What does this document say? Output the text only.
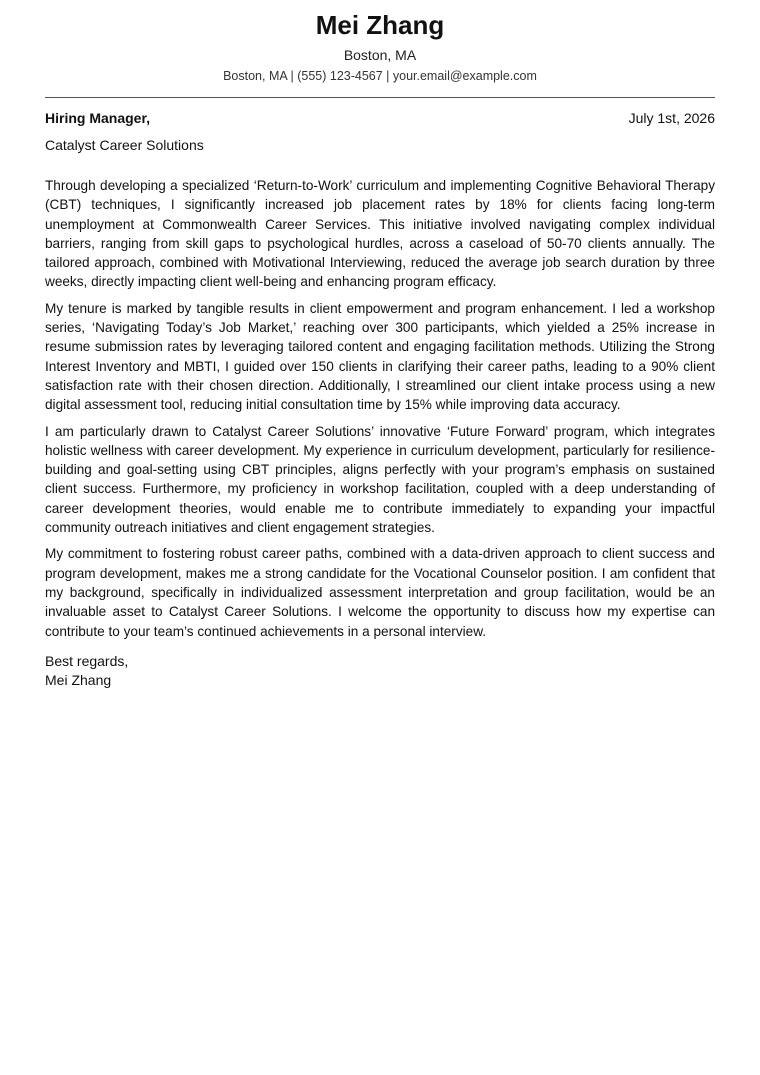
Mei Zhang
Boston, MA
Boston, MA | (555) 123-4567 | your.email@example.com
Hiring Manager,	July 1st, 2026
Catalyst Career Solutions

Through developing a specialized ‘Return-to-Work’ curriculum and implementing Cognitive Behavioral Therapy (CBT) techniques, I significantly increased job placement rates by 18% for clients facing long-term unemployment at Commonwealth Career Services. This initiative involved navigating complex individual barriers, ranging from skill gaps to psychological hurdles, across a caseload of 50-70 clients annually. The tailored approach, combined with Motivational Interviewing, reduced the average job search duration by three weeks, directly impacting client well-being and enhancing program efficacy.

My tenure is marked by tangible results in client empowerment and program enhancement. I led a workshop series, ‘Navigating Today’s Job Market,’ reaching over 300 participants, which yielded a 25% increase in resume submission rates by leveraging tailored content and engaging facilitation methods. Utilizing the Strong Interest Inventory and MBTI, I guided over 150 clients in clarifying their career paths, leading to a 90% client satisfaction rate with their chosen direction. Additionally, I streamlined our client intake process using a new digital assessment tool, reducing initial consultation time by 15% while improving data accuracy.

I am particularly drawn to Catalyst Career Solutions’ innovative ‘Future Forward’ program, which integrates holistic wellness with career development. My experience in curriculum development, particularly for resilience-building and goal-setting using CBT principles, aligns perfectly with your program’s emphasis on sustained client success. Furthermore, my proficiency in workshop facilitation, coupled with a deep understanding of career development theories, would enable me to contribute immediately to expanding your impactful community outreach initiatives and client engagement strategies.

My commitment to fostering robust career paths, combined with a data-driven approach to client success and program development, makes me a strong candidate for the Vocational Counselor position. I am confident that my background, specifically in individualized assessment interpretation and group facilitation, would be an invaluable asset to Catalyst Career Solutions. I welcome the opportunity to discuss how my expertise can contribute to your team’s continued achievements in a personal interview.

Best regards,
Mei Zhang
